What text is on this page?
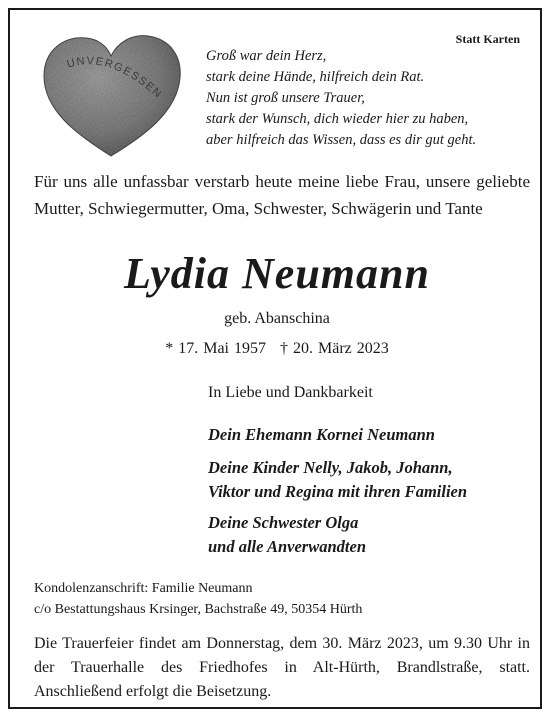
Statt Karten
UNVERGESSEN
Groß war dein Herz,
stark deine Hände, hilfreich dein Rat.
Nun ist groß unsere Trauer,
stark der Wunsch, dich wieder hier zu haben,
aber hilfreich das Wissen, dass es dir gut geht.
Für uns alle unfassbar verstarb heute meine liebe Frau, unsere geliebte Mutter, Schwiegermutter, Oma, Schwester, Schwägerin und Tante
Lydia Neumann
geb. Abanschina
* 17. Mai 1957 † 20. März 2023
In Liebe und Dankbarkeit
Dein Ehemann Kornei Neumann
Deine Kinder Nelly, Jakob, Johann,
Viktor und Regina mit ihren Familien
Deine Schwester Olga
und alle Anverwandten
Kondolenzanschrift: Familie Neumann
c/o Bestattungshaus Krsinger, Bachstraße 49, 50354 Hürth
Die Trauerfeier findet am Donnerstag, dem 30. März 2023, um 9.30 Uhr in der Trauerhalle des Friedhofes in Alt-Hürth, Brandlstraße, statt. Anschließend erfolgt die Beisetzung.
